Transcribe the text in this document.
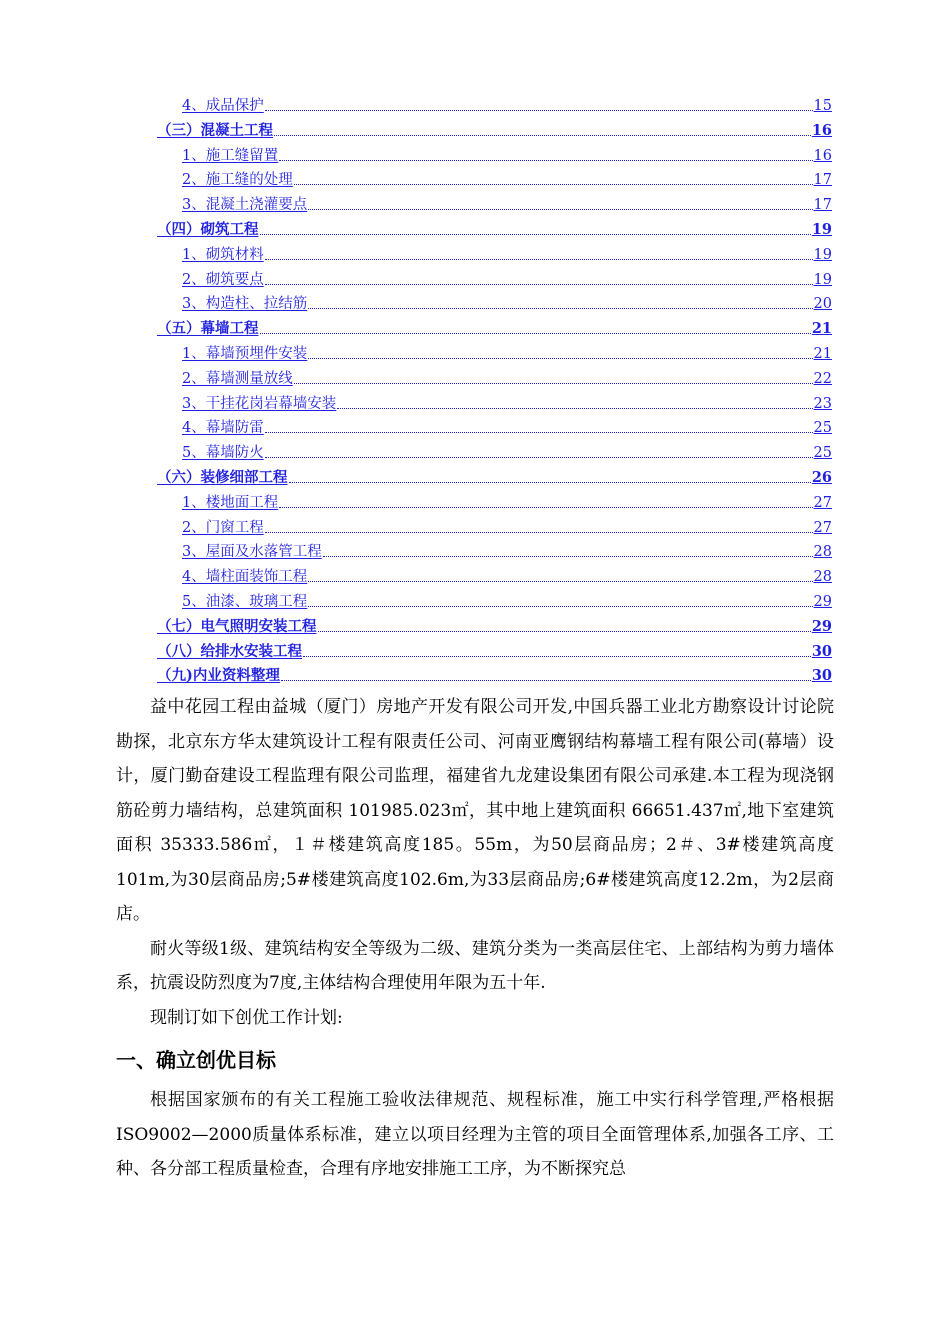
4、成品保护	15
（三）混凝土工程	16
1、施工缝留置	16
2、施工缝的处理	17
3、混凝土浇灌要点	17
（四）砌筑工程	19
1、砌筑材料	19
2、砌筑要点	19
3、构造柱、拉结筋	20
（五）幕墙工程	21
1、幕墙预埋件安装	21
2、幕墙测量放线	22
3、干挂花岗岩幕墙安装	23
4、幕墙防雷	25
5、幕墙防火	25
（六）装修细部工程	26
1、楼地面工程	27
2、门窗工程	27
3、屋面及水落管工程	28
4、墙柱面装饰工程	28
5、油漆、玻璃工程	29
（七）电气照明安装工程	29
（八）给排水安装工程	30
（九)内业资料整理	30

益中花园工程由益城（厦门）房地产开发有限公司开发,中国兵器工业北方勘察设计讨论院勘探，北京东方华太建筑设计工程有限责任公司、河南亚鹰钢结构幕墙工程有限公司(幕墙）设计，厦门勤奋建设工程监理有限公司监理，福建省九龙建设集团有限公司承建.本工程为现浇钢筋砼剪力墙结构，总建筑面积 101985.023㎡，其中地上建筑面积 66651.437㎡,地下室建筑面积 35333.586㎡，１＃楼建筑高度185。55m，为50层商品房；2＃、3#楼建筑高度101m,为30层商品房;5#楼建筑高度102.6m,为33层商品房;6#楼建筑高度12.2m，为2层商店。

耐火等级1级、建筑结构安全等级为二级、建筑分类为一类高层住宅、上部结构为剪力墙体系，抗震设防烈度为7度,主体结构合理使用年限为五十年.

现制订如下创优工作计划:

一、确立创优目标

根据国家颁布的有关工程施工验收法律规范、规程标准，施工中实行科学管理,严格根据ISO9002—2000质量体系标准，建立以项目经理为主管的项目全面管理体系,加强各工序、工种、各分部工程质量检查，合理有序地安排施工工序，为不断探究总
